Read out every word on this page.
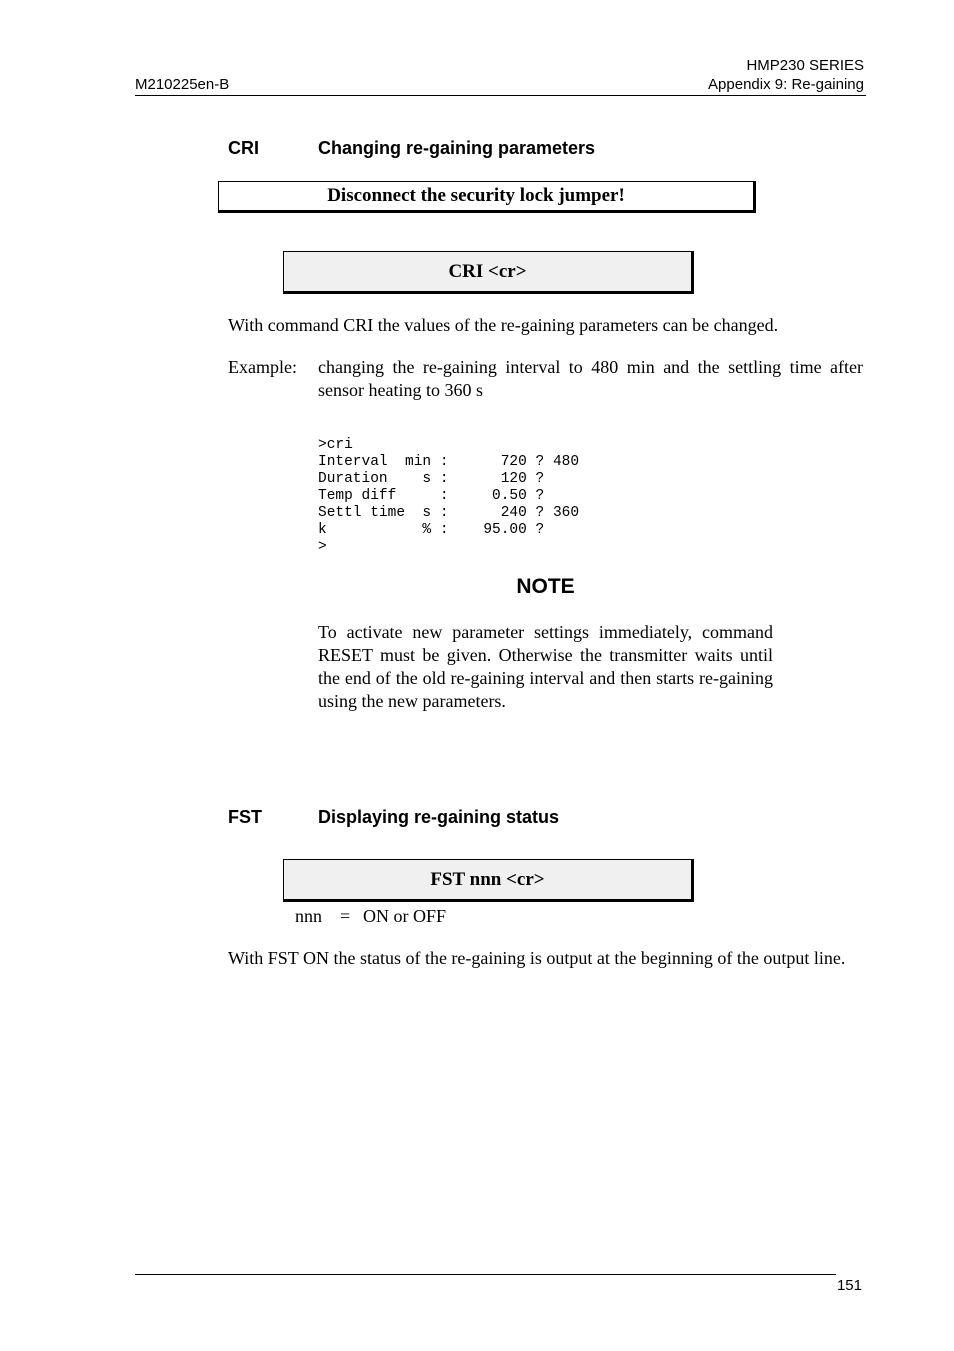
HMP230 SERIES
Appendix 9: Re-gaining
M210225en-B
CRI	Changing re-gaining parameters
Disconnect the security lock jumper!
CRI <cr>
With command CRI the values of the re-gaining parameters can be changed.
Example: changing the re-gaining interval to 480 min and the settling time after sensor heating to 360 s

>cri
Interval  min :      720 ? 480
Duration    s :      120 ?
Temp diff     :     0.50 ?
Settl time  s :      240 ? 360
k           % :    95.00 ?
>

NOTE
To activate new parameter settings immediately, command RESET must be given. Otherwise the transmitter waits until the end of the old re-gaining interval and then starts re-gaining using the new parameters.
FST	Displaying re-gaining status
FST nnn <cr>
nnn = ON or OFF
With FST ON the status of the re-gaining is output at the beginning of the output line.
151
